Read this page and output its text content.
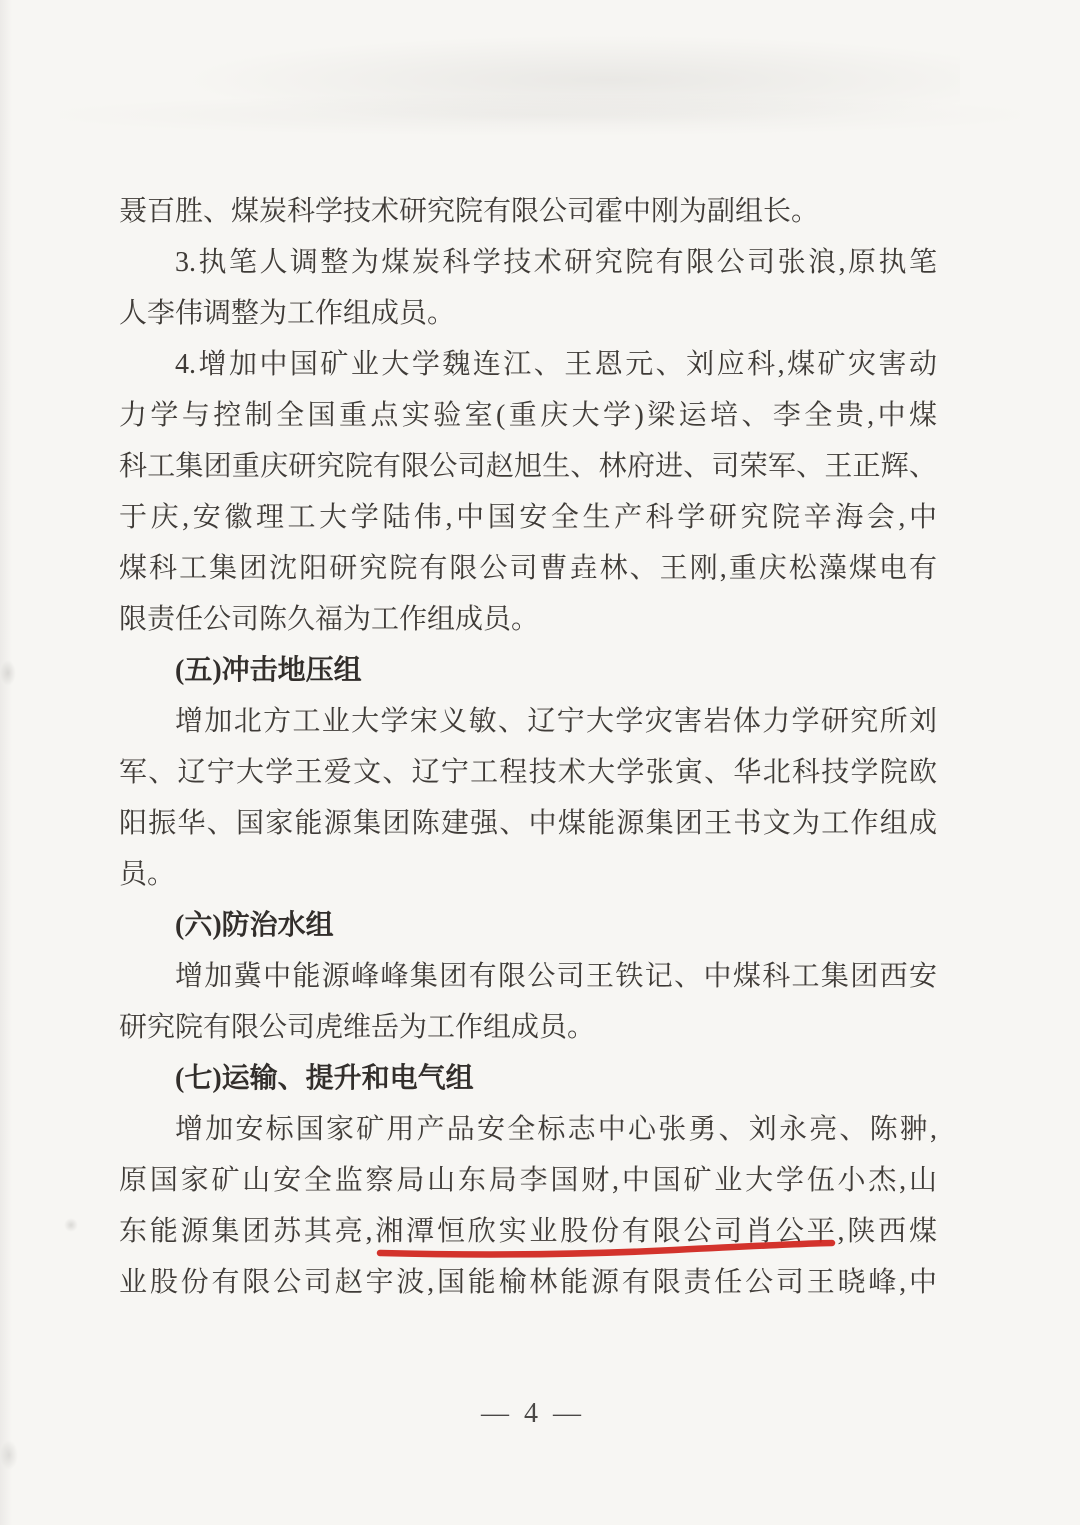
聂百胜、煤炭科学技术研究院有限公司霍中刚为副组长。
3.执笔人调整为煤炭科学技术研究院有限公司张浪,原执笔
人李伟调整为工作组成员。
4.增加中国矿业大学魏连江、王恩元、刘应科,煤矿灾害动
力学与控制全国重点实验室(重庆大学)梁运培、李全贵,中煤
科工集团重庆研究院有限公司赵旭生、林府进、司荣军、王正辉、
于庆,安徽理工大学陆伟,中国安全生产科学研究院辛海会,中
煤科工集团沈阳研究院有限公司曹垚林、王刚,重庆松藻煤电有
限责任公司陈久福为工作组成员。
(五)冲击地压组
增加北方工业大学宋义敏、辽宁大学灾害岩体力学研究所刘
军、辽宁大学王爱文、辽宁工程技术大学张寅、华北科技学院欧
阳振华、国家能源集团陈建强、中煤能源集团王书文为工作组成
员。
(六)防治水组
增加冀中能源峰峰集团有限公司王铁记、中煤科工集团西安
研究院有限公司虎维岳为工作组成员。
(七)运输、提升和电气组
增加安标国家矿用产品安全标志中心张勇、刘永亮、陈翀,
原国家矿山安全监察局山东局李国财,中国矿业大学伍小杰,山
东能源集团苏其亮,湘潭恒欣实业股份有限公司肖公平,陕西煤
业股份有限公司赵宇波,国能榆林能源有限责任公司王晓峰,中
— 4 —
